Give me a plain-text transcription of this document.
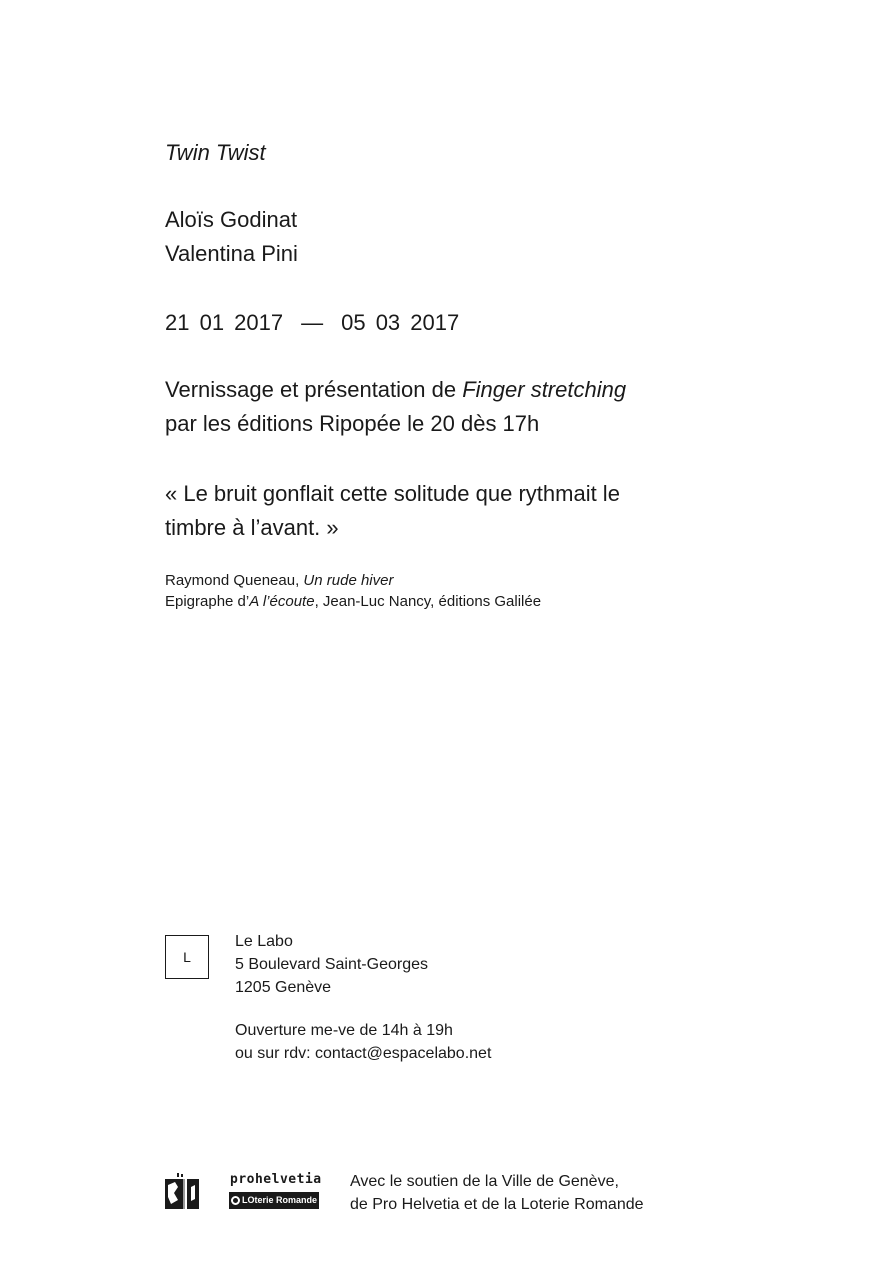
Twin Twist
Aloïs Godinat
Valentina Pini
21 01 2017 — 05 03 2017
Vernissage et présentation de Finger stretching
par les éditions Ripopée le 20 dès 17h
« Le bruit gonflait cette solitude que rythmait le
timbre à l’avant. »
Raymond Queneau, Un rude hiver
Epigraphe d’A l’écoute, Jean-Luc Nancy, éditions Galilée
L
Le Labo
5 Boulevard Saint-Georges
1205 Genève
Ouverture me-ve de 14h à 19h
ou sur rdv: contact@espacelabo.net
prohelvetia
LOterie Romande
Avec le soutien de la Ville de Genève,
de Pro Helvetia et de la Loterie Romande
